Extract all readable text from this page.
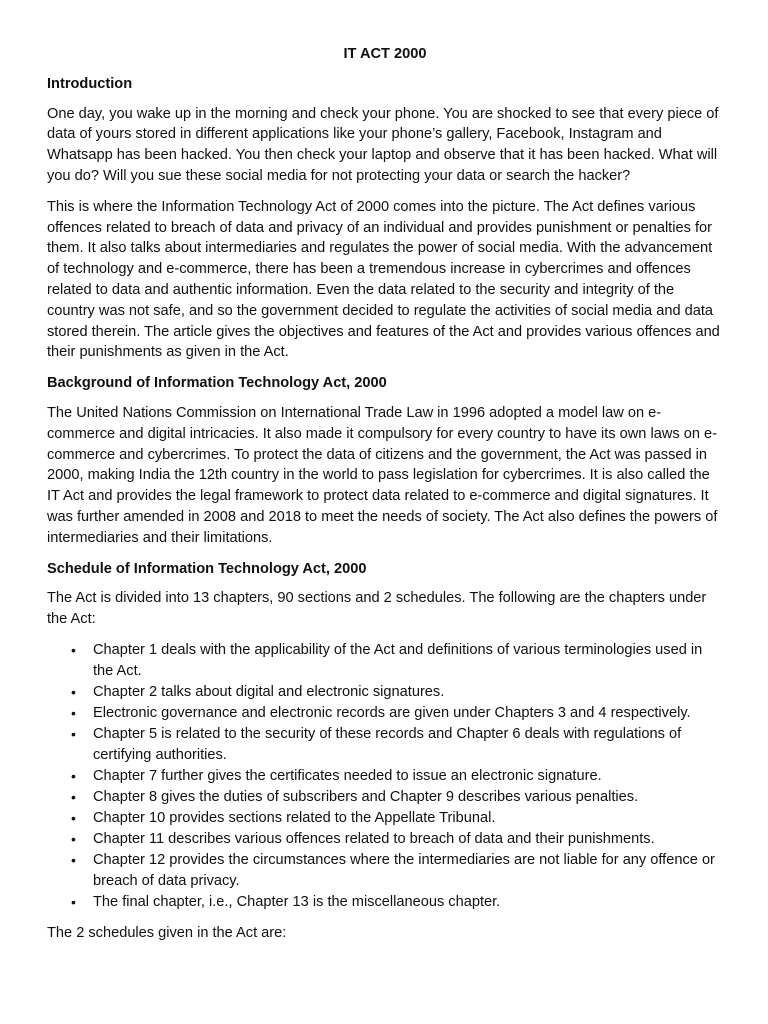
IT ACT 2000
Introduction

One day, you wake up in the morning and check your phone. You are shocked to see that every piece of data of yours stored in different applications like your phone’s gallery, Facebook, Instagram and Whatsapp has been hacked. You then check your laptop and observe that it has been hacked. What will you do? Will you sue these social media for not protecting your data or search the hacker?

This is where the Information Technology Act of 2000 comes into the picture. The Act defines various offences related to breach of data and privacy of an individual and provides punishment or penalties for them. It also talks about intermediaries and regulates the power of social media. With the advancement of technology and e-commerce, there has been a tremendous increase in cybercrimes and offences related to data and authentic information. Even the data related to the security and integrity of the country was not safe, and so the government decided to regulate the activities of social media and data stored therein. The article gives the objectives and features of the Act and provides various offences and their punishments as given in the Act.

Background of Information Technology Act, 2000

The United Nations Commission on International Trade Law in 1996 adopted a model law on e-commerce and digital intricacies. It also made it compulsory for every country to have its own laws on e-commerce and cybercrimes. To protect the data of citizens and the government, the Act was passed in 2000, making India the 12th country in the world to pass legislation for cybercrimes. It is also called the IT Act and provides the legal framework to protect data related to e-commerce and digital signatures. It was further amended in 2008 and 2018 to meet the needs of society. The Act also defines the powers of intermediaries and their limitations.

Schedule of Information Technology Act, 2000

The Act is divided into 13 chapters, 90 sections and 2 schedules. The following are the chapters under the Act:

• Chapter 1 deals with the applicability of the Act and definitions of various terminologies used in the Act.
• Chapter 2 talks about digital and electronic signatures.
• Electronic governance and electronic records are given under Chapters 3 and 4 respectively.
• Chapter 5 is related to the security of these records and Chapter 6 deals with regulations of certifying authorities.
• Chapter 7 further gives the certificates needed to issue an electronic signature.
• Chapter 8 gives the duties of subscribers and Chapter 9 describes various penalties.
• Chapter 10 provides sections related to the Appellate Tribunal.
• Chapter 11 describes various offences related to breach of data and their punishments.
• Chapter 12 provides the circumstances where the intermediaries are not liable for any offence or breach of data privacy.
• The final chapter, i.e., Chapter 13 is the miscellaneous chapter.

The 2 schedules given in the Act are:
